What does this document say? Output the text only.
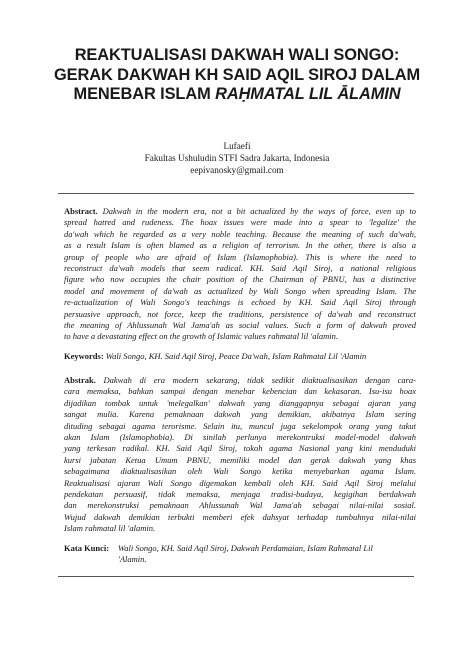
REAKTUALISASI DAKWAH WALI SONGO:
GERAK DAKWAH KH SAID AQIL SIROJ DALAM
MENEBAR ISLAM RAḤMATAL LIL ĀLAMIN
Lufaefi
Fakultas Ushuludin STFI Sadra Jakarta, Indonesia
eepivanosky@gmail.com
Abstract. Dakwah in the modern era, not a bit actualized by the ways of force, even up to
spread hatred and rudeness. The hoax issues were made into a spear to 'legalize' the
da'wah which he regarded as a very noble teaching. Because the meaning of such da'wah,
as a result Islam is often blamed as a religion of terrorism. In the other, there is also a
group of people who are afraid of Islam (Islamophobia). This is where the need to
reconstruct da'wah models that seem radical. KH. Said Aqil Siroj, a national religious
figure who now occupies the chair position of the Chairman of PBNU, has a distinctive
model and movement of da'wah as actualized by Wali Songo when spreading Islam. The
re-actualization of Wali Songo's teachings is echoed by KH. Said Aqil Siroj through
persuasive approach, not force, keep the traditions, persistence of da'wah and reconstruct
the meaning of Ahlussunah Wal Jama'ah as social values. Such a form of dakwah proved
to have a devastating effect on the growth of Islamic values rahmatal lil 'alamin.
Keywords: Wali Songo, KH. Said Aqil Siroj, Peace Da'wah, Islam Rahmatal Lil 'Alamin
Abstrak. Dakwah di era modern sekarang, tidak sedikit diaktualisasikan dengan cara-
cara memaksa, bahkan sampai dengan menebar kebencian dan kekasaran. Isu-isu hoax
dijadikan tombak untuk 'melegalkan' dakwah yang dianggapnya sebagai ajaran yang
sangat mulia. Karena pemaknaan dakwah yang demikian, akibatnya Islam sering
dituding sebagai agama terorisme. Selain itu, muncul juga sekelompok orang yang takut
akan Islam (Islamophobia). Di sinilah perlunya merekontruksi model-model dakwah
yang terkesan radikal. KH. Said Aqil Siroj, tokoh agama Nasional yang kini menduduki
kursi jabatan Ketua Umum PBNU, memiliki model dan gerak dakwah yang khas
sebagaimana diaktualisasikan oleh Wali Songo ketika menyebarkan agama Islam.
Reaktualisasi ajaran Wali Songo digemakan kembali oleh KH. Said Aqil Siroj melalui
pendekatan persuasif, tidak memaksa, menjaga tradisi-budaya, kegigihan berdakwah
dan merekonstruksi pemaknaan Ahlussunah Wal Jama'ah sebagai nilai-nilai sosial.
Wujud dakwah demikian terbukti memberi efek dahsyat terhadap tumbuhnya nilai-nilai
Islam rahmatal lil 'alamin.
Kata Kunci: Wali Songo, KH. Said Aqil Siroj, Dakwah Perdamaian, Islam Rahmatal Lil
'Alamin.
